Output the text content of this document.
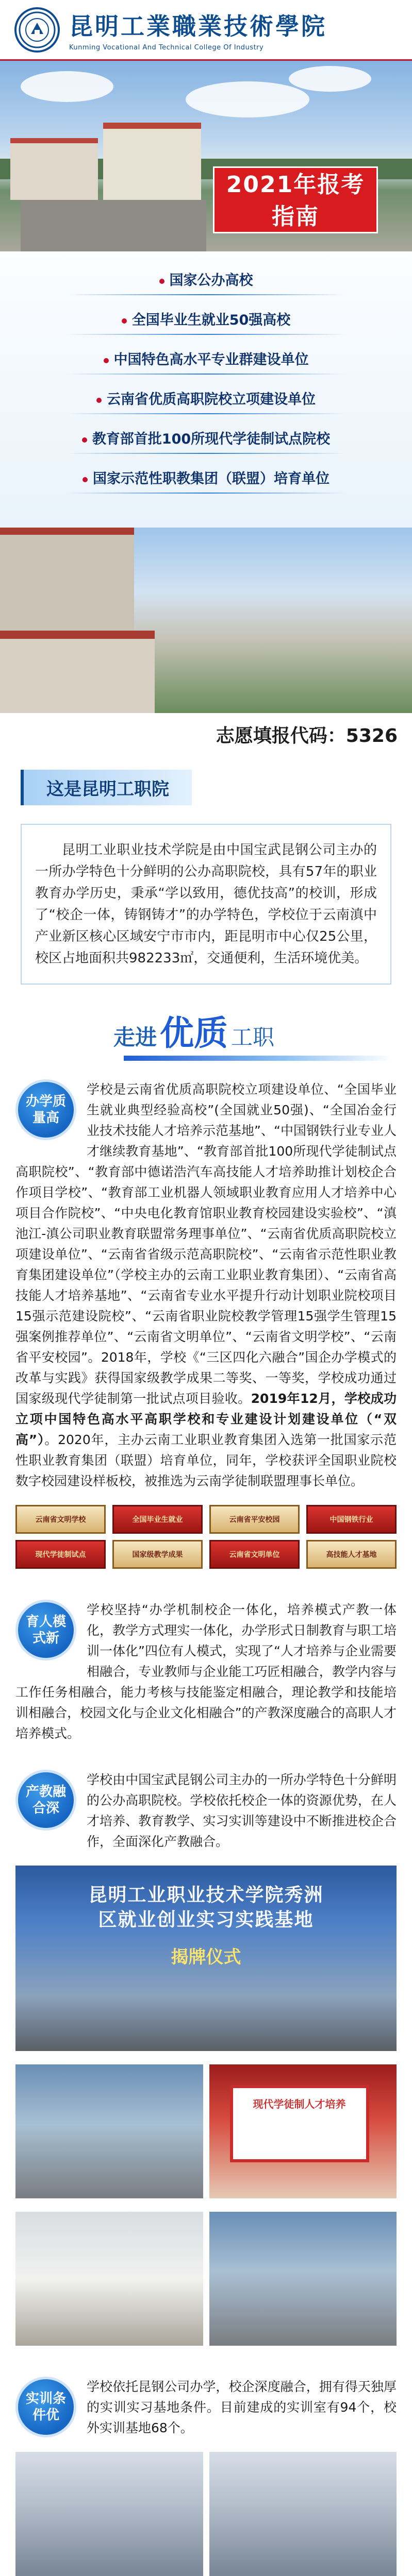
昆明工業職業技術學院
Kunming Vocational And Technical College Of Industry
2021年报考指南
国家公办高校
全国毕业生就业50强高校
中国特色高水平专业群建设单位
云南省优质高职院校立项建设单位
教育部首批100所现代学徒制试点院校
国家示范性职教集团（联盟）培育单位
志愿填报代码：5326
这是昆明工职院
昆明工业职业技术学院是由中国宝武昆钢公司主办的一所办学特色十分鲜明的公办高职院校，具有57年的职业教育办学历史，秉承“学以致用，德优技高”的校训，形成了“校企一体，铸钢铸才”的办学特色，学校位于云南滇中产业新区核心区域安宁市市内，距昆明市中心仅25公里，校区占地面积共982233㎡，交通便利，生活环境优美。
走进 优质 工职
办学质量高
学校是云南省优质高职院校立项建设单位、“全国毕业生就业典型经验高校”(全国就业50强)、“全国冶金行业技术技能人才培养示范基地”、“中国钢铁行业专业人才继续教育基地”、“教育部首批100所现代学徒制试点高职院校”、“教育部中德诺浩汽车高技能人才培养助推计划校企合作项目学校”、“教育部工业机器人领域职业教育应用人才培养中心项目合作院校”、“中央电化教育馆职业教育校园建设实验校”、“滇池江-滇公司职业教育联盟常务理事单位”、“云南省优质高职院校立项建设单位”、“云南省省级示范高职院校”、“云南省示范性职业教育集团建设单位”（学校主办的云南工业职业教育集团）、“云南省高技能人才培养基地”、“云南省专业水平提升行动计划职业院校项目15强示范建设院校”、“云南省职业院校教学管理15强学生管理15强案例推荐单位”、“云南省文明单位”、“云南省文明学校”、“云南省平安校园”。2018年，学校《“三区四化六融合”国企办学模式的改革与实践》获得国家级教学成果二等奖、一等奖，学校成功通过国家级现代学徒制第一批试点项目验收。2019年12月，学校成功立项中国特色高水平高职学校和专业建设计划建设单位（“双高”）。2020年，主办云南工业职业教育集团入选第一批国家示范性职业教育集团（联盟）培育单位，同年，学校获评全国职业院校数字校园建设样板校，被推选为云南学徒制联盟理事长单位。
云南省文明学校	全国毕业生就业	云南省平安校园	中国钢铁行业
现代学徒制试点	国家级教学成果	云南省文明单位	高技能人才基地
育人模式新
学校坚持“办学机制校企一体化，培养模式产教一体化，教学方式理实一体化，办学形式日制教育与职工培训一体化”四位有人模式，实现了“人才培养与企业需要相融合，专业教师与企业能工巧匠相融合，教学内容与工作任务相融合，能力考核与技能鉴定相融合，理论教学和技能培训相融合，校园文化与企业文化相融合”的产教深度融合的高职人才培养模式。
产教融合深
学校由中国宝武昆钢公司主办的一所办学特色十分鲜明的公办高职院校。学校依托校企一体的资源优势，在人才培养、教育教学、实习实训等建设中不断推进校企合作，全面深化产教融合。
昆明工业职业技术学院秀洲
区就业创业实习实践基地
揭牌仪式
现代学徒制人才培养
实训条件优
学校依托昆钢公司办学，校企深度融合，拥有得天独厚的实训实习基地条件。目前建成的实训室有94个，校外实训基地68个。
